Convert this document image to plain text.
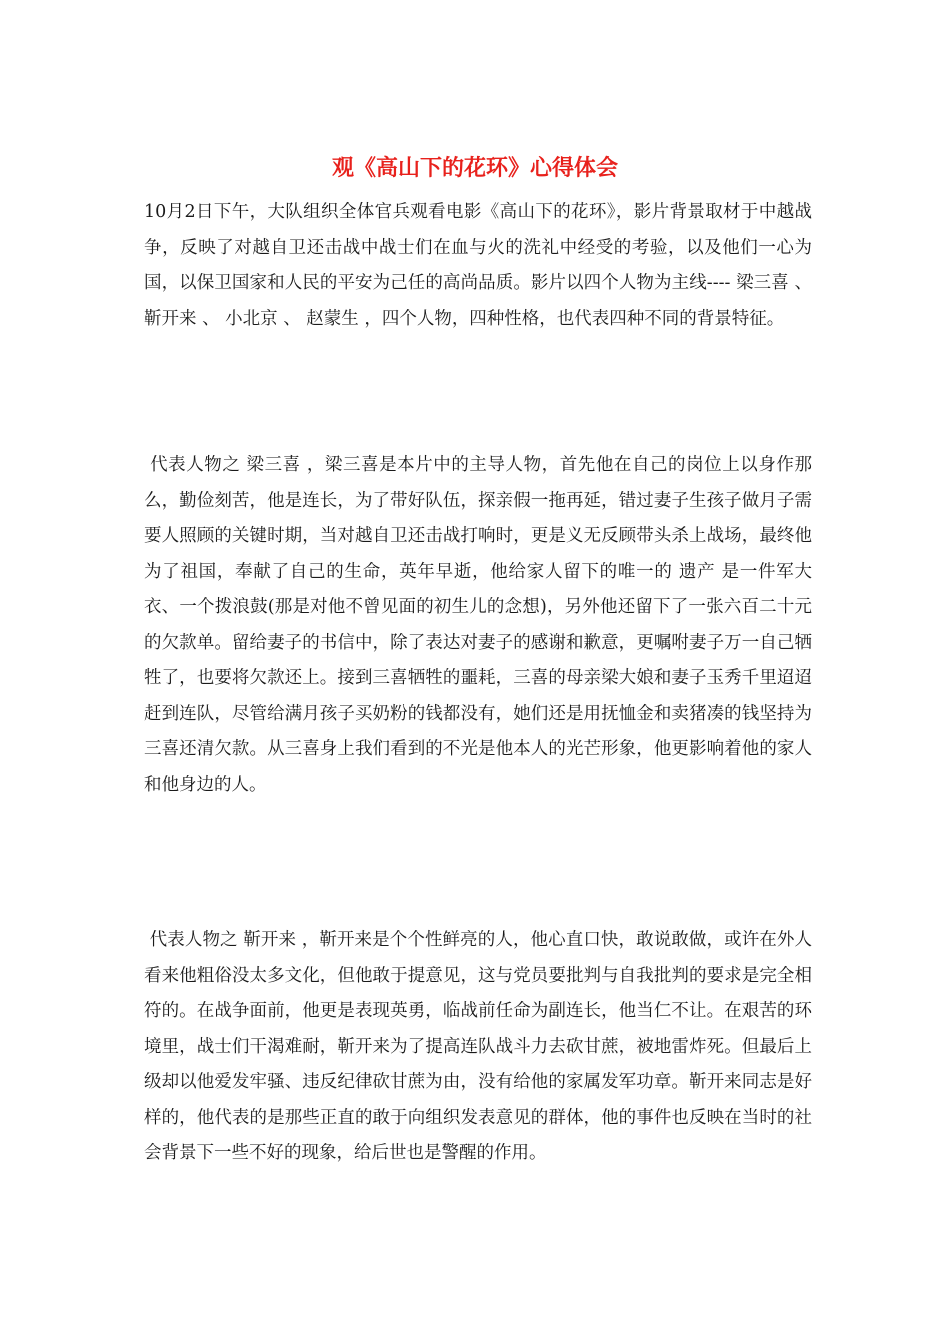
观《高山下的花环》心得体会

10月2日下午，大队组织全体官兵观看电影《高山下的花环》，影片背景取材于中越战争，反映了对越自卫还击战中战士们在血与火的洗礼中经受的考验，以及他们一心为国，以保卫国家和人民的平安为己任的高尚品质。影片以四个人物为主线---- 梁三喜 、 靳开来 、 小北京 、 赵蒙生 ，四个人物，四种性格，也代表四种不同的背景特征。

代表人物之 梁三喜 ，梁三喜是本片中的主导人物，首先他在自己的岗位上以身作那么，勤俭刻苦，他是连长，为了带好队伍，探亲假一拖再延，错过妻子生孩子做月子需要人照顾的关键时期，当对越自卫还击战打响时，更是义无反顾带头杀上战场，最终他为了祖国，奉献了自己的生命，英年早逝，他给家人留下的唯一的 遗产 是一件军大衣、一个拨浪鼓(那是对他不曾见面的初生儿的念想)，另外他还留下了一张六百二十元的欠款单。留给妻子的书信中，除了表达对妻子的感谢和歉意，更嘱咐妻子万一自己牺牲了，也要将欠款还上。接到三喜牺牲的噩耗，三喜的母亲梁大娘和妻子玉秀千里迢迢赶到连队，尽管给满月孩子买奶粉的钱都没有，她们还是用抚恤金和卖猪凑的钱坚持为三喜还清欠款。从三喜身上我们看到的不光是他本人的光芒形象，他更影响着他的家人和他身边的人。

代表人物之 靳开来 ，靳开来是个个性鲜亮的人，他心直口快，敢说敢做，或许在外人看来他粗俗没太多文化，但他敢于提意见，这与党员要批判与自我批判的要求是完全相符的。在战争面前，他更是表现英勇，临战前任命为副连长，他当仁不让。在艰苦的环境里，战士们干渴难耐，靳开来为了提高连队战斗力去砍甘蔗，被地雷炸死。但最后上级却以他爱发牢骚、违反纪律砍甘蔗为由，没有给他的家属发军功章。靳开来同志是好样的，他代表的是那些正直的敢于向组织发表意见的群体，他的事件也反映在当时的社会背景下一些不好的现象，给后世也是警醒的作用。
